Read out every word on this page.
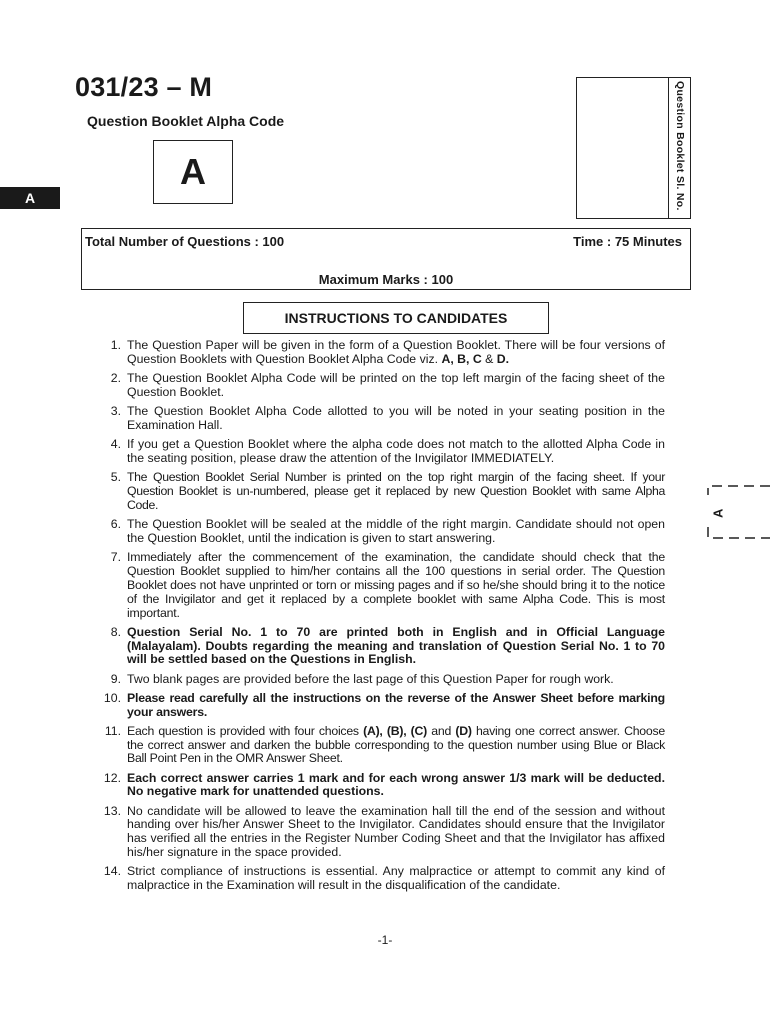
031/23 – M
Question Booklet Alpha Code
A
A	Question Booklet Sl. No.
Total Number of Questions : 100	Time : 75 Minutes
Maximum Marks : 100
INSTRUCTIONS TO CANDIDATES
1. The Question Paper will be given in the form of a Question Booklet. There will be four versions of Question Booklets with Question Booklet Alpha Code viz. A, B, C & D.
2. The Question Booklet Alpha Code will be printed on the top left margin of the facing sheet of the Question Booklet.
3. The Question Booklet Alpha Code allotted to you will be noted in your seating position in the Examination Hall.
4. If you get a Question Booklet where the alpha code does not match to the allotted Alpha Code in the seating position, please draw the attention of the Invigilator IMMEDIATELY.
5. The Question Booklet Serial Number is printed on the top right margin of the facing sheet. If your Question Booklet is un-numbered, please get it replaced by new Question Booklet with same Alpha Code.
6. The Question Booklet will be sealed at the middle of the right margin. Candidate should not open the Question Booklet, until the indication is given to start answering.
7. Immediately after the commencement of the examination, the candidate should check that the Question Booklet supplied to him/her contains all the 100 questions in serial order. The Question Booklet does not have unprinted or torn or missing pages and if so he/she should bring it to the notice of the Invigilator and get it replaced by a complete booklet with same Alpha Code. This is most important.
8. Question Serial No. 1 to 70 are printed both in English and in Official Language (Malayalam). Doubts regarding the meaning and translation of Question Serial No. 1 to 70 will be settled based on the Questions in English.
9. Two blank pages are provided before the last page of this Question Paper for rough work.
10. Please read carefully all the instructions on the reverse of the Answer Sheet before marking your answers.
11. Each question is provided with four choices (A), (B), (C) and (D) having one correct answer. Choose the correct answer and darken the bubble corresponding to the question number using Blue or Black Ball Point Pen in the OMR Answer Sheet.
12. Each correct answer carries 1 mark and for each wrong answer 1/3 mark will be deducted. No negative mark for unattended questions.
13. No candidate will be allowed to leave the examination hall till the end of the session and without handing over his/her Answer Sheet to the Invigilator. Candidates should ensure that the Invigilator has verified all the entries in the Register Number Coding Sheet and that the Invigilator has affixed his/her signature in the space provided.
14. Strict compliance of instructions is essential. Any malpractice or attempt to commit any kind of malpractice in the Examination will result in the disqualification of the candidate.
-1-
A
